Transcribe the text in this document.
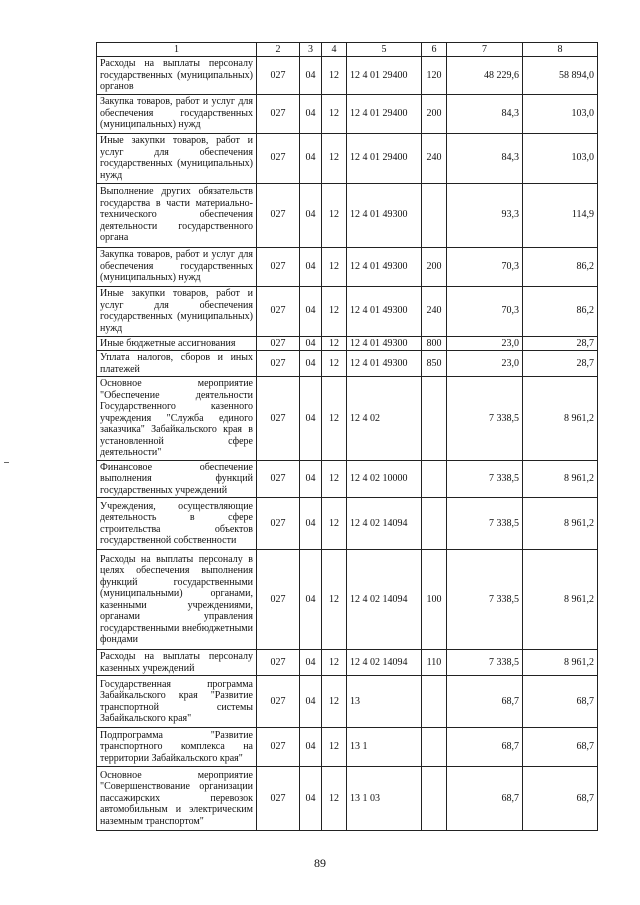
1	2	3	4	5	6	7	8
Расходы на выплаты персоналу государственных (муниципальных) органов	027	04	12	12 4 01 29400	120	48 229,6	58 894,0
Закупка товаров, работ и услуг для обеспечения государственных (муниципальных) нужд	027	04	12	12 4 01 29400	200	84,3	103,0
Иные закупки товаров, работ и услуг для обеспечения государственных (муниципальных) нужд	027	04	12	12 4 01 29400	240	84,3	103,0
Выполнение других обязательств государства в части материально-технического обеспечения деятельности государственного органа	027	04	12	12 4 01 49300		93,3	114,9
Закупка товаров, работ и услуг для обеспечения государственных (муниципальных) нужд	027	04	12	12 4 01 49300	200	70,3	86,2
Иные закупки товаров, работ и услуг для обеспечения государственных (муниципальных) нужд	027	04	12	12 4 01 49300	240	70,3	86,2
Иные бюджетные ассигнования	027	04	12	12 4 01 49300	800	23,0	28,7
Уплата налогов, сборов и иных платежей	027	04	12	12 4 01 49300	850	23,0	28,7
Основное мероприятие "Обеспечение деятельности Государственного казенного учреждения "Служба единого заказчика" Забайкальского края в установленной сфере деятельности"	027	04	12	12 4 02		7 338,5	8 961,2
Финансовое обеспечение выполнения функций государственных учреждений	027	04	12	12 4 02 10000		7 338,5	8 961,2
Учреждения, осуществляющие деятельность в сфере строительства объектов государственной собственности	027	04	12	12 4 02 14094		7 338,5	8 961,2
Расходы на выплаты персоналу в целях обеспечения выполнения функций государственными (муниципальными) органами, казенными учреждениями, органами управления государственными внебюджетными фондами	027	04	12	12 4 02 14094	100	7 338,5	8 961,2
Расходы на выплаты персоналу казенных учреждений	027	04	12	12 4 02 14094	110	7 338,5	8 961,2
Государственная программа Забайкальского края "Развитие транспортной системы Забайкальского края"	027	04	12	13		68,7	68,7
Подпрограмма "Развитие транспортного комплекса на территории Забайкальского края"	027	04	12	13 1		68,7	68,7
Основное мероприятие "Совершенствование организации пассажирских перевозок автомобильным и электрическим наземным транспортом"	027	04	12	13 1 03		68,7	68,7
89
